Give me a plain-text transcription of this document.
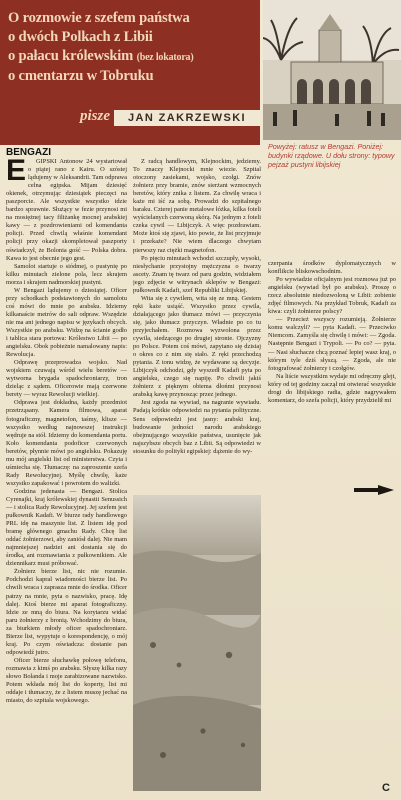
O rozmowie z szefem państwa
o dwóch Polkach z Libii
o pałacu królewskim (bez lokatora)
o cmentarzu w Tobruku
pisze	JAN ZAKRZEWSKI

Powyżej: ratusz w Bengazi. Poniżej: budynki rządowe. U dołu strony: typowy pejzaż pustyni libijskiej

BENGAZI

E	GIPSKI Antonow 24 wystartował o piątej rano z Kairu. O szóstej lądujemy w Aleksandrii. Tam odprawa celna egipska. Mijam dziesięć okienek, otrzymując dziesiątek pieczęci na paszporcie. Ale wszystkie wszystko idzie bardzo sprawnie. Służący w fezie przynosi mi na mosiężnej tacy filiżankę mocnej arabskiej kawy — z pozdrowieniami od komendanta policji. Przed chwilą właśnie komendant policji przy okazji skompletował paszporty oświadczył, że Bolonia gość — Polska dobra. Kawa to jest obecnie jego gest.

Samolot startuje o siódmej, o pustynię po kilku minutach zielone pola, lecz skrajem morza i skrajem nadmorskiej pustyni.

W Bengazi lądujemy o dziesiątej. Oficer przy schodkach podstawionych do samolotu coś mówi do mnie po arabsku. Idziemy kilkanaście metrów do sali odpraw. Wszędzie nie ma ani jednego napisu w językach obcych. Wszystkie po arabsku. Widzę na ścianie godło i tablica stara portowa: Królestwo Libii — po angielsku. Obok pobieżnie namalowany napis: Rewolucja.

Odprawę przeprowadza wojsko. Nad wojskiem czuwają wśród wielu beretów — wytworna brygada spadochroniarzy, tron dzieląc z sądem. Oficerowie mają czerwone berety — wyraz Rewolucji wielkiej.

Odprawa jest dokładna, każdy przedmiot przetrząsany. Kamera filmowa, aparat fotograficzny, magnetofon, taśmy, klisze — wszystko według najnowszej instrukcji wędruje na stół. Idziemy do komendanta portu. Koło komendanta podoficer czerwonych beretów, płynnie mówi po angielsku. Pokazuję mu mój angielski list od ministerstwa. Czyta i uśmiecha się. Tłumaczę: na zaproszenie szefa Rady Rewolucyjnej. Myślę chwilę, każe wszystko zapakować i powrotem do walizki.

Godzina jedenasta — Bengazi. Stolica Cyrenajki, kraj królewskiej dynastii Senussich — i stolica Rady Rewolucyjnej. Jej szefem jest pułkownik Kadafi. W biurze rady handlowego PRL idę na maszynie list. Z listem idę pod bramę głównego gmachu Rady. Chcę list oddać żołnierzowi, aby zaniósł dalej. Nie mam najmniejszej nadziei ani dostania się do środka, ani rozmawiania z pułkownikiem. Ale dziennikarz musi próbować.

Żołnierz bierze list, nic nie rozumie. Podchodzi kapral wiadomości bierze list. Po chwili wraca i zaprasza mnie do środka. Oficer patrzy na mnie, pyta o nazwisko, pracę. Idę dalej. Ktoś bierze mi aparat fotograficzny. Idzie ze mną do biura. Na korytarzu widać paru żołnierzy z bronią. Wchodzimy do biura, za biurkiem młody oficer spadochroniarz. Bierze list, wypytuje o korespondencję, o mój kraj. Po czym oświadcza: dostanie pan odpowiedź jutro.

Oficer bierze słuchawkę połowę telefonu, rozmawia z kimś po arabsku. Słyszę kilka razy słowo Bolanda i moje zarabizowane nazwisko. Potem wkłada mój list do koperty, list mi oddaje i tłumaczy, że z listem muszę jechać na miasto, do szpitala wojskowego.

Z radcą handlowym, Klejnockim, jedziemy. To znaczy Klejnocki mnie wiezie. Szpital otoczony zasiekami, wojsko, czołgi. Znów żołnierz przy bramie, znów sierżant wzmocnych beretów, który znika z listem. Za chwilę wraca i każe mi iść za sobą. Prowadzi do szpitalnego baraku. Czterej panie metalowe łóżka, kilka foteli wyścielanych czerwoną skórą. Na jednym z foteli czeka cywil — Libijczyk. A więc pozdrawiam. Może ktoś się zjawi, kto powie, że list przyjmuje i przekaże? Nie wiem dlaczego chwytam pierwszy raz ciężki magnetofon.

Po pięciu minutach wchodzi szczupły, wysoki, niesłychanie przystojny mężczyzna o twarzy ascety. Znam tę twarz od paru godzin, widziałem jego zdjęcie w witrynach sklepów w Bengazi: pułkownik Kadafi, szef Republiki Libijskiej.

Wita się z cywilem, wita się ze mną. Gestem ręki każe usiąść. Wszystko przez cywila, działającego jako tłumacz mówi — przyczynia się, jako tłumacz przyczyn. Władnie po co tu przyjechałem. Rozmowa wyzwolona przez cywila, siedzącego po drugiej stronie. Ojczyzny po Polsce. Potem coś mówi, zapytano się dzisiaj o okres co z nim się stało. Z ręki przechodzą pytania. Z tonu widzę, że wydawane są decyzje. Libijczyk odchodzi, gdy wyszedł Kadafi pyta po angielsku, czego się napiję. Po chwili jakiś żołnierz z pięknym obiema dłońmi przynosi arabską kawę przynosząc przez jednego.

Jest zgoda na wywiad, na nagranie wywiadu. Padają krótkie odpowiedzi na pytania polityczne. Sens odpowiedzi jest jasny: arabski kraj, budowanie jedności narodu arabskiego obejmującego wszystkie państwa, usunięcie jak najszybsze obcych baz z Libii. Są odpowiedzi w stosunku do polityki egipskiej: dążenie do wy-

czerpania środków dyplomatycznych w konflikcie bliskowschodnim.

Po wywiadzie oficjalnym jest rozmowa już po angielsku (wywiad był po arabsku). Proszę o rzecz absolutnie niedozwoloną w Libii: zobienie zdjęć filmowych. Na przykład Tobruk, Kadafi za kiwa: czyli żołnierze polscy?

— Przecież wszyscy rozumieją. Żołnierze komu walczyli? — pyta Kadafi. — Przeciwko Niemcom. Zamyśla się chwilę i mówi: — Zgoda. Następnie Bengazi i Trypoli. — Po co? — pyta. — Nasi słuchacze chcą poznać lepiej wasz kraj, o którym tyle dziś słyszą. — Zgoda, ale nie fotografować żołnierzy i czołgów.

Na liście wszystkim wydaje mi odręczny glejt, który od tej godziny zaczął mi otwierać wszystkie drogi do libijskiego radia, gdzie nagrywałem komentarz, do szefa policji, który przydzielił mi

C
